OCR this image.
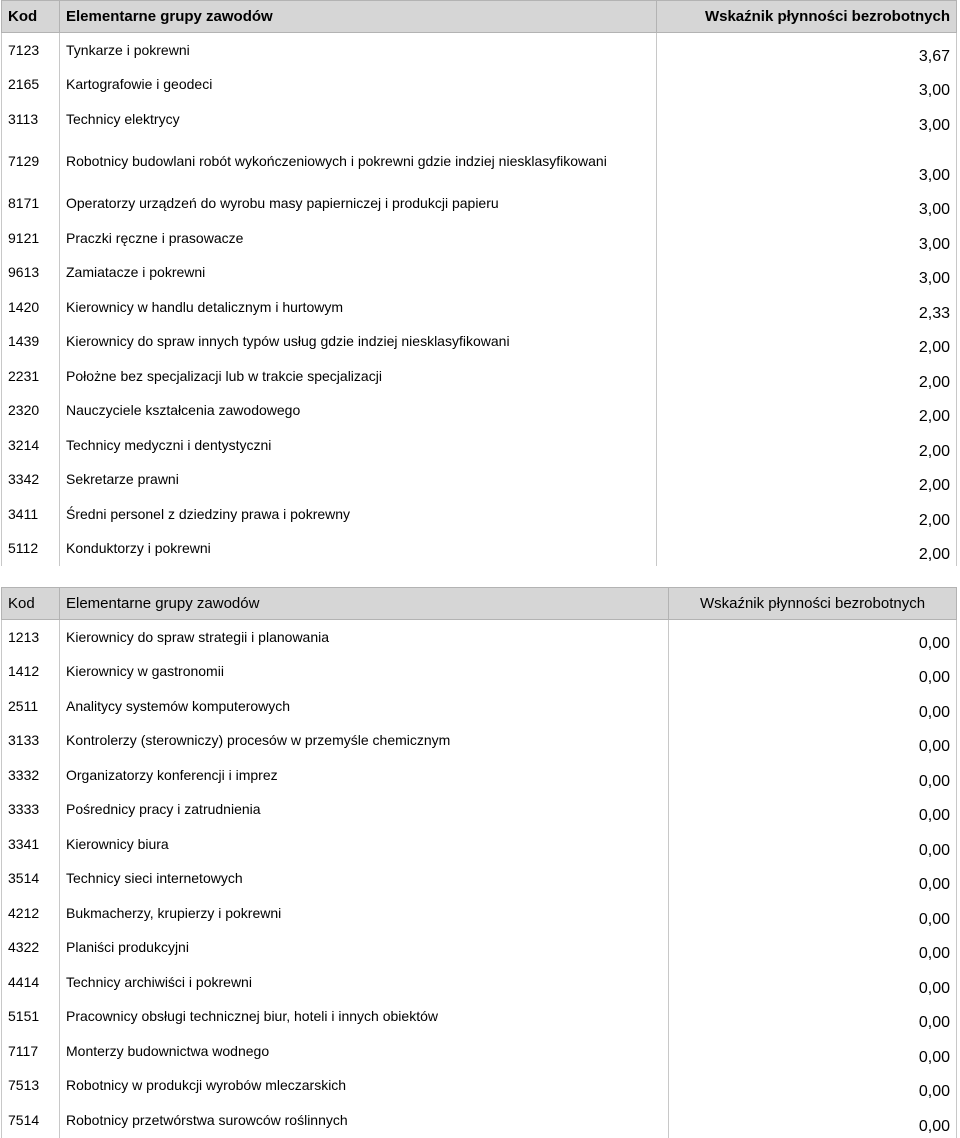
Kod	Elementarne grupy zawodów	Wskaźnik płynności bezrobotnych
7123	Tynkarze i pokrewni	3,67
2165	Kartografowie i geodeci	3,00
3113	Technicy elektrycy	3,00
7129	Robotnicy budowlani robót wykończeniowych i pokrewni gdzie indziej niesklasyfikowani	3,00
8171	Operatorzy urządzeń do wyrobu masy papierniczej i produkcji papieru	3,00
9121	Praczki ręczne i prasowacze	3,00
9613	Zamiatacze i pokrewni	3,00
1420	Kierownicy w handlu detalicznym i hurtowym	2,33
1439	Kierownicy do spraw innych typów usług gdzie indziej niesklasyfikowani	2,00
2231	Położne bez specjalizacji lub w trakcie specjalizacji	2,00
2320	Nauczyciele kształcenia zawodowego	2,00
3214	Technicy medyczni i dentystyczni	2,00
3342	Sekretarze prawni	2,00
3411	Średni personel z dziedziny prawa i pokrewny	2,00
5112	Konduktorzy i pokrewni	2,00
Kod	Elementarne grupy zawodów	Wskaźnik płynności bezrobotnych
1213	Kierownicy do spraw strategii i planowania	0,00
1412	Kierownicy w gastronomii	0,00
2511	Analitycy systemów komputerowych	0,00
3133	Kontrolerzy (sterowniczy) procesów w przemyśle chemicznym	0,00
3332	Organizatorzy konferencji i imprez	0,00
3333	Pośrednicy pracy i zatrudnienia	0,00
3341	Kierownicy biura	0,00
3514	Technicy sieci internetowych	0,00
4212	Bukmacherzy, krupierzy i pokrewni	0,00
4322	Planiści produkcyjni	0,00
4414	Technicy archiwiści i pokrewni	0,00
5151	Pracownicy obsługi technicznej biur, hoteli i innych obiektów	0,00
7117	Monterzy budownictwa wodnego	0,00
7513	Robotnicy w produkcji wyrobów mleczarskich	0,00
7514	Robotnicy przetwórstwa surowców roślinnych	0,00
